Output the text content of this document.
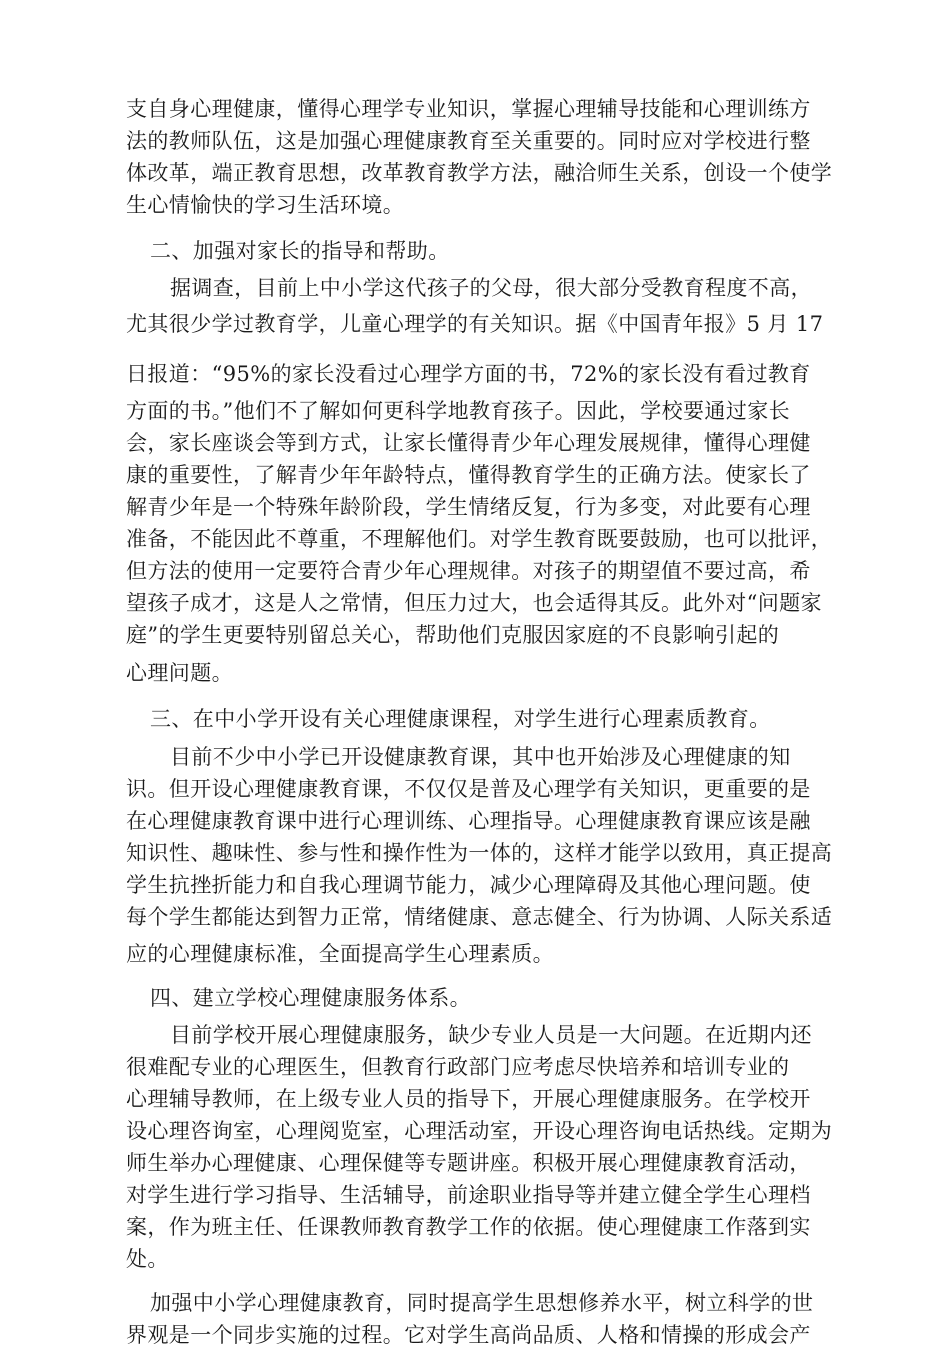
支自身心理健康，懂得心理学专业知识，掌握心理辅导技能和心理训练方
法的教师队伍，这是加强心理健康教育至关重要的。同时应对学校进行整
体改革，端正教育思想，改革教育教学方法，融洽师生关系，创设一个使学
生心情愉快的学习生活环境。
二、加强对家长的指导和帮助。
据调查，目前上中小学这代孩子的父母，很大部分受教育程度不高，
尤其很少学过教育学，儿童心理学的有关知识。据《中国青年报》5 月 17
日报道：“95%的家长没看过心理学方面的书，72%的家长没有看过教育
方面的书。”他们不了解如何更科学地教育孩子。因此，学校要通过家长
会，家长座谈会等到方式，让家长懂得青少年心理发展规律，懂得心理健
康的重要性，了解青少年年龄特点，懂得教育学生的正确方法。使家长了
解青少年是一个特殊年龄阶段，学生情绪反复，行为多变，对此要有心理
准备，不能因此不尊重，不理解他们。对学生教育既要鼓励，也可以批评，
但方法的使用一定要符合青少年心理规律。对孩子的期望值不要过高，希
望孩子成才，这是人之常情，但压力过大，也会适得其反。此外对“问题家
庭”的学生更要特别留总关心，帮助他们克服因家庭的不良影响引起的
心理问题。
三、在中小学开设有关心理健康课程，对学生进行心理素质教育。
目前不少中小学已开设健康教育课，其中也开始涉及心理健康的知
识。但开设心理健康教育课，不仅仅是普及心理学有关知识，更重要的是
在心理健康教育课中进行心理训练、心理指导。心理健康教育课应该是融
知识性、趣味性、参与性和操作性为一体的，这样才能学以致用，真正提高
学生抗挫折能力和自我心理调节能力，减少心理障碍及其他心理问题。使
每个学生都能达到智力正常，情绪健康、意志健全、行为协调、人际关系适
应的心理健康标准，全面提高学生心理素质。
四、建立学校心理健康服务体系。
目前学校开展心理健康服务，缺少专业人员是一大问题。在近期内还
很难配专业的心理医生，但教育行政部门应考虑尽快培养和培训专业的
心理辅导教师，在上级专业人员的指导下，开展心理健康服务。在学校开
设心理咨询室，心理阅览室，心理活动室，开设心理咨询电话热线。定期为
师生举办心理健康、心理保健等专题讲座。积极开展心理健康教育活动，
对学生进行学习指导、生活辅导，前途职业指导等并建立健全学生心理档
案，作为班主任、任课教师教育教学工作的依据。使心理健康工作落到实
处。
加强中小学心理健康教育，同时提高学生思想修养水平，树立科学的世
界观是一个同步实施的过程。它对学生高尚品质、人格和情操的形成会产
